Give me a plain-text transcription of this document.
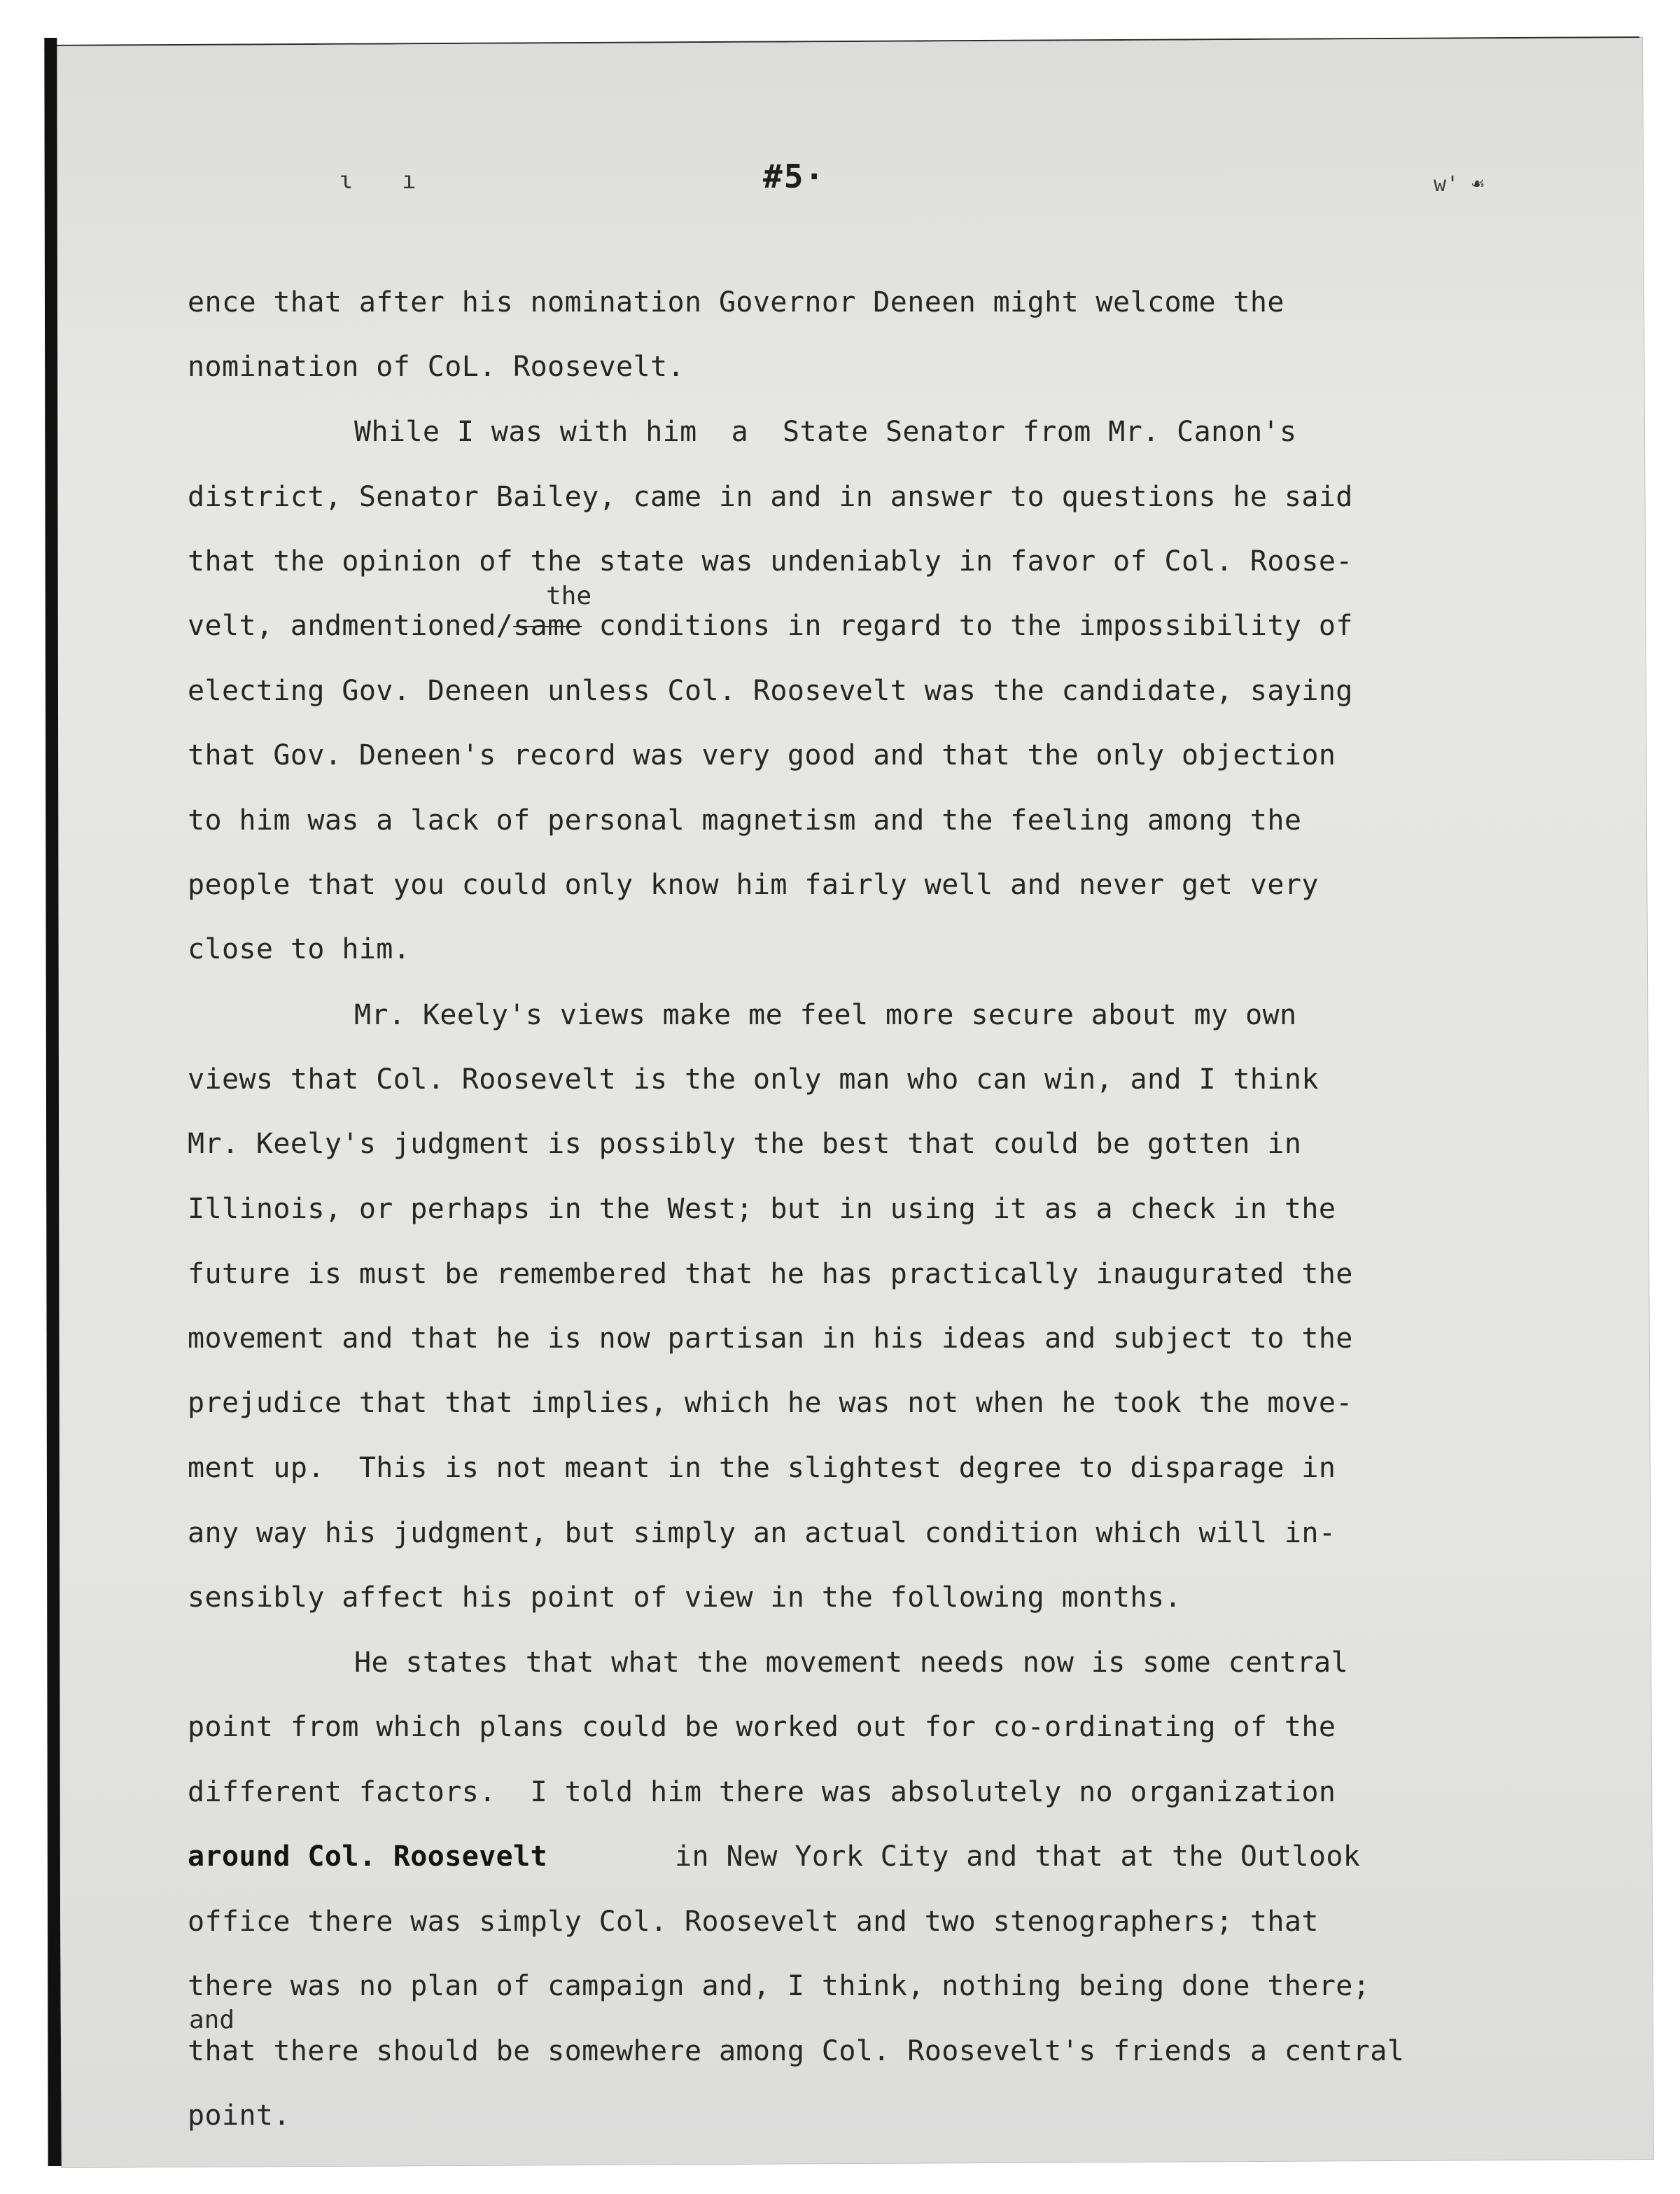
ɩ ı	w' ☙
#5·
ence that after his nomination Governor Deneen might welcome the
nomination of CoL. Roosevelt.
While I was with him  a  State Senator from Mr. Canon's
district, Senator Bailey, came in and in answer to questions he said
that the opinion of the state was undeniably in favor of Col. Roose-
the
velt, andmentioned/same conditions in regard to the impossibility of
electing Gov. Deneen unless Col. Roosevelt was the candidate, saying
that Gov. Deneen's record was very good and that the only objection
to him was a lack of personal magnetism and the feeling among the
people that you could only know him fairly well and never get very
close to him.
Mr. Keely's views make me feel more secure about my own
views that Col. Roosevelt is the only man who can win, and I think
Mr. Keely's judgment is possibly the best that could be gotten in
Illinois, or perhaps in the West; but in using it as a check in the
future is must be remembered that he has practically inaugurated the
movement and that he is now partisan in his ideas and subject to the
prejudice that that implies, which he was not when he took the move-
ment up.  This is not meant in the slightest degree to disparage in
any way his judgment, but simply an actual condition which will in-
sensibly affect his point of view in the following months.
He states that what the movement needs now is some central
point from which plans could be worked out for co-ordinating of the
different factors.  I told him there was absolutely no organization
around Col. Roosevelt	in New York City and that at the Outlook
office there was simply Col. Roosevelt and two stenographers; that
there was no plan of campaign and, I think, nothing being done there;
and
that there should be somewhere among Col. Roosevelt's friends a central
point.
